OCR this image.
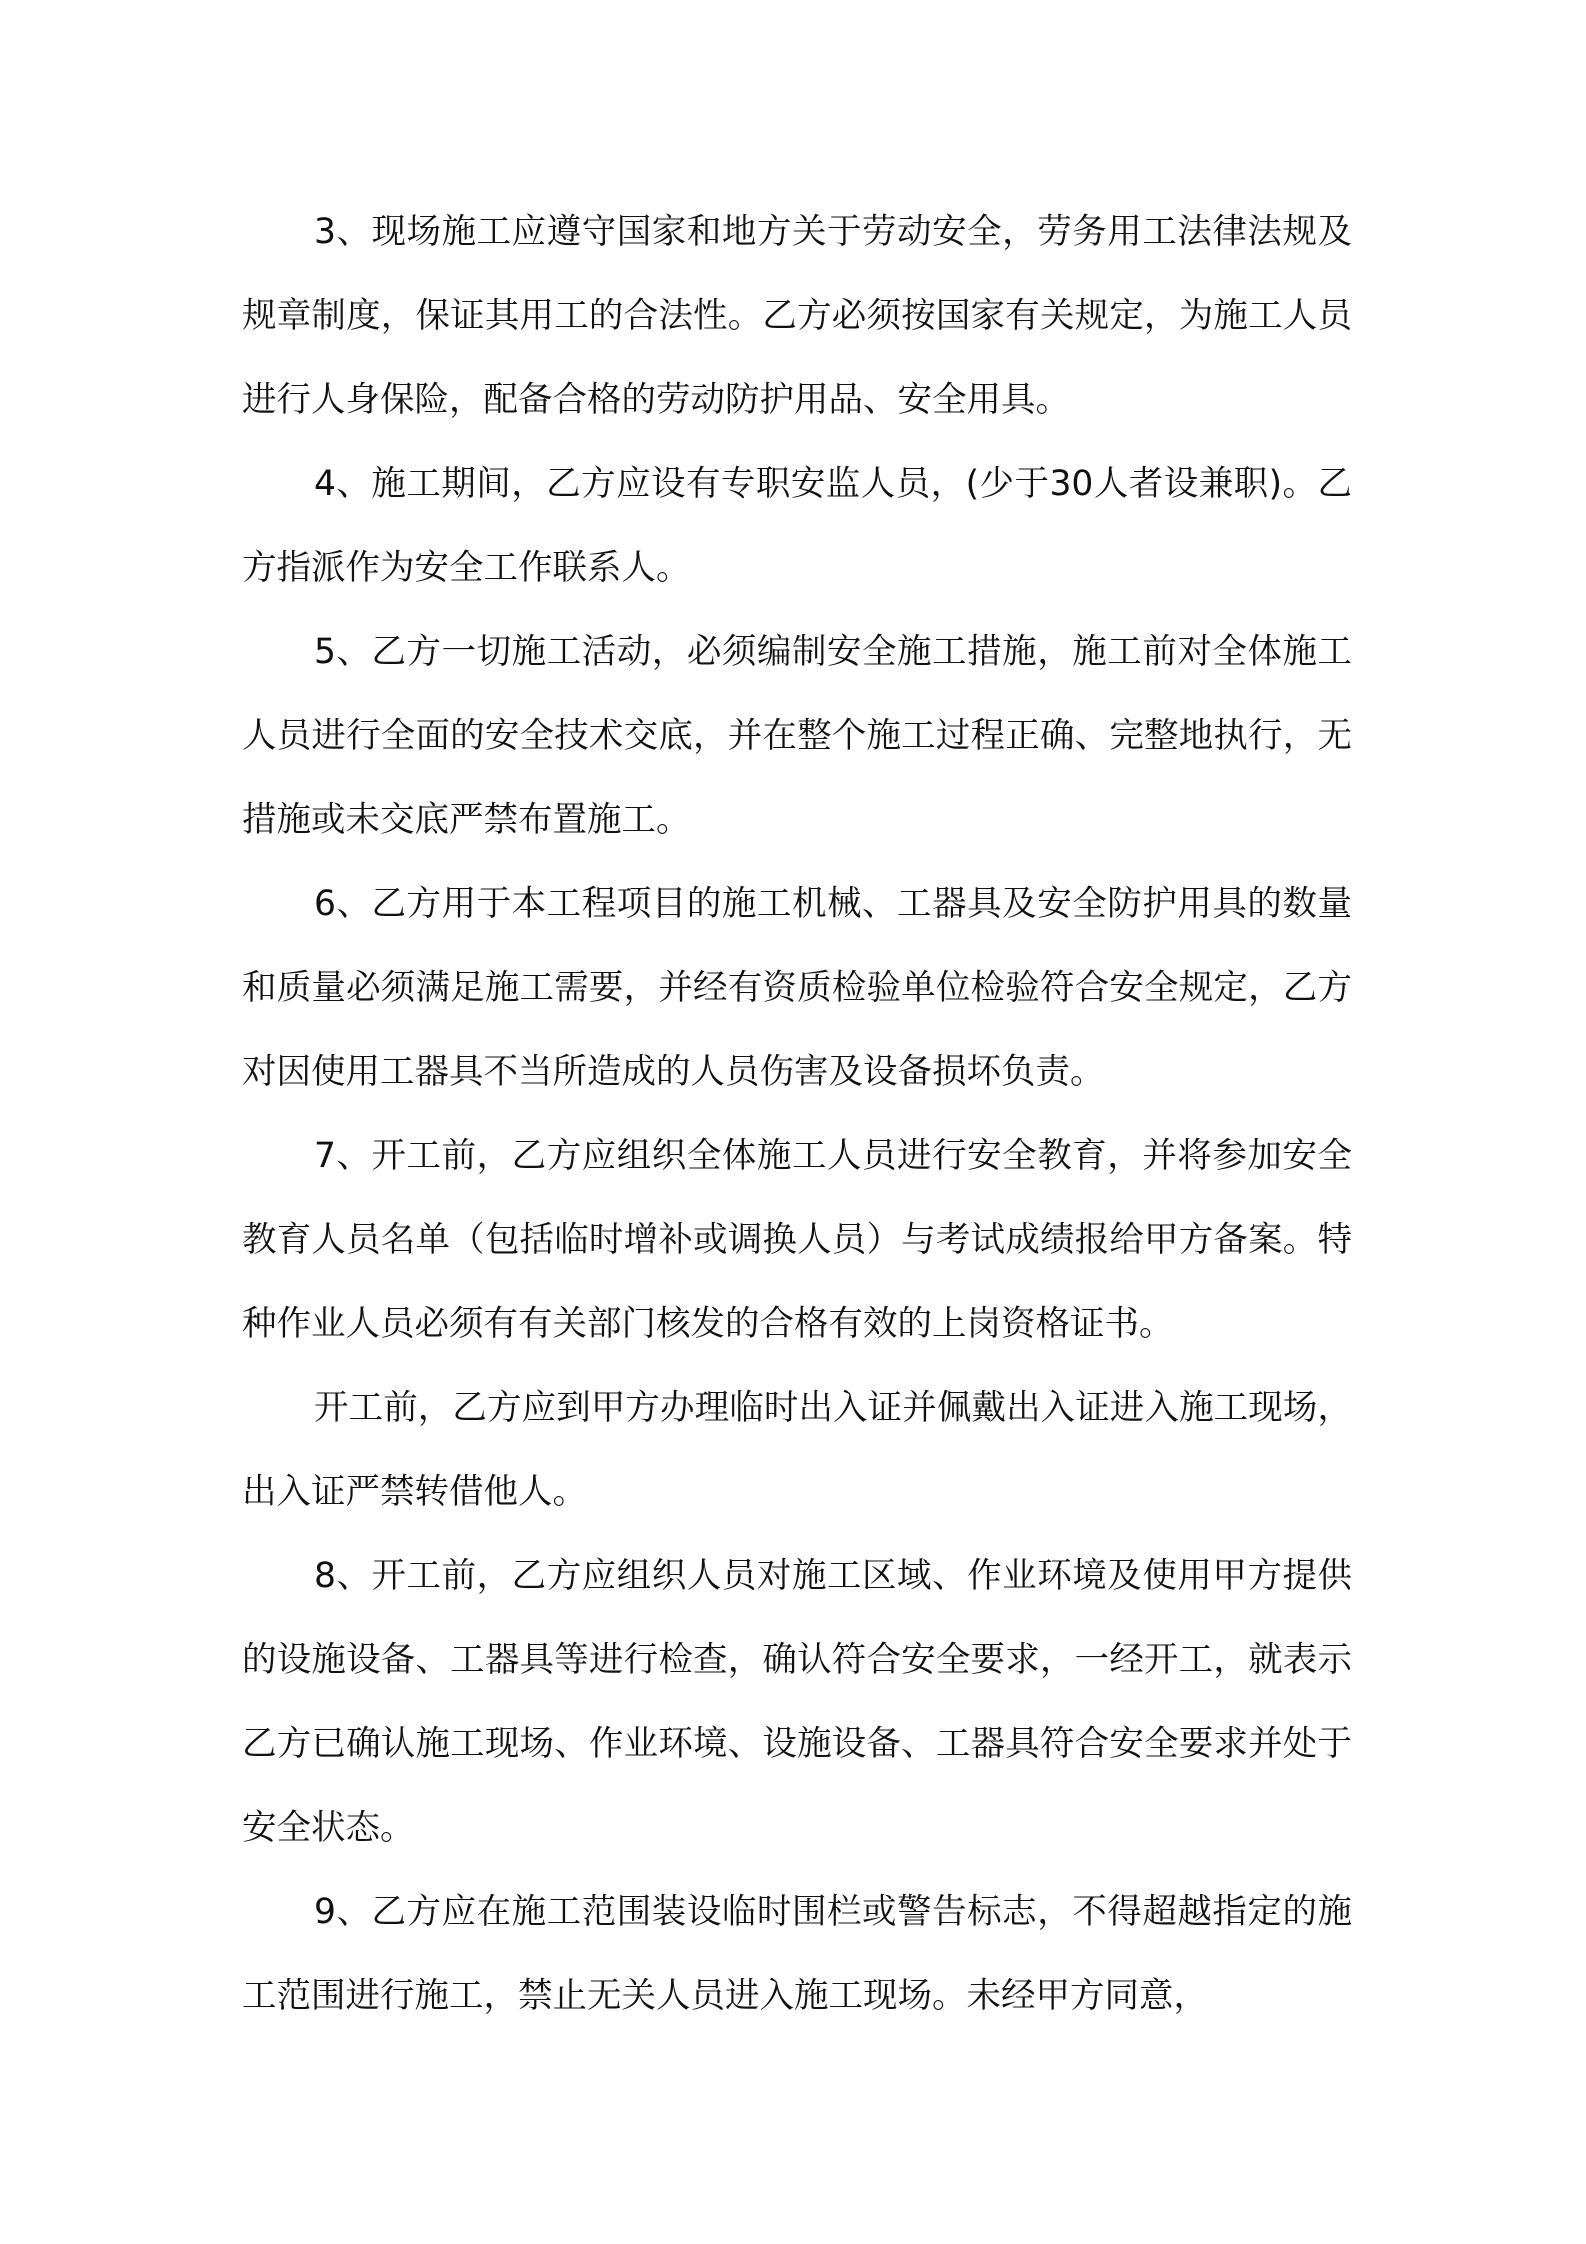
3、现场施工应遵守国家和地方关于劳动安全，劳务用工法律法规及规章制度，保证其用工的合法性。乙方必须按国家有关规定，为施工人员进行人身保险，配备合格的劳动防护用品、安全用具。

4、施工期间，乙方应设有专职安监人员，(少于30人者设兼职)。乙方指派作为安全工作联系人。

5、乙方一切施工活动，必须编制安全施工措施，施工前对全体施工人员进行全面的安全技术交底，并在整个施工过程正确、完整地执行，无措施或未交底严禁布置施工。

6、乙方用于本工程项目的施工机械、工器具及安全防护用具的数量和质量必须满足施工需要，并经有资质检验单位检验符合安全规定，乙方对因使用工器具不当所造成的人员伤害及设备损坏负责。

7、开工前，乙方应组织全体施工人员进行安全教育，并将参加安全教育人员名单（包括临时增补或调换人员）与考试成绩报给甲方备案。特种作业人员必须有有关部门核发的合格有效的上岗资格证书。

开工前，乙方应到甲方办理临时出入证并佩戴出入证进入施工现场，出入证严禁转借他人。

8、开工前，乙方应组织人员对施工区域、作业环境及使用甲方提供的设施设备、工器具等进行检查，确认符合安全要求，一经开工，就表示乙方已确认施工现场、作业环境、设施设备、工器具符合安全要求并处于安全状态。

9、乙方应在施工范围装设临时围栏或警告标志，不得超越指定的施工范围进行施工，禁止无关人员进入施工现场。未经甲方同意，
